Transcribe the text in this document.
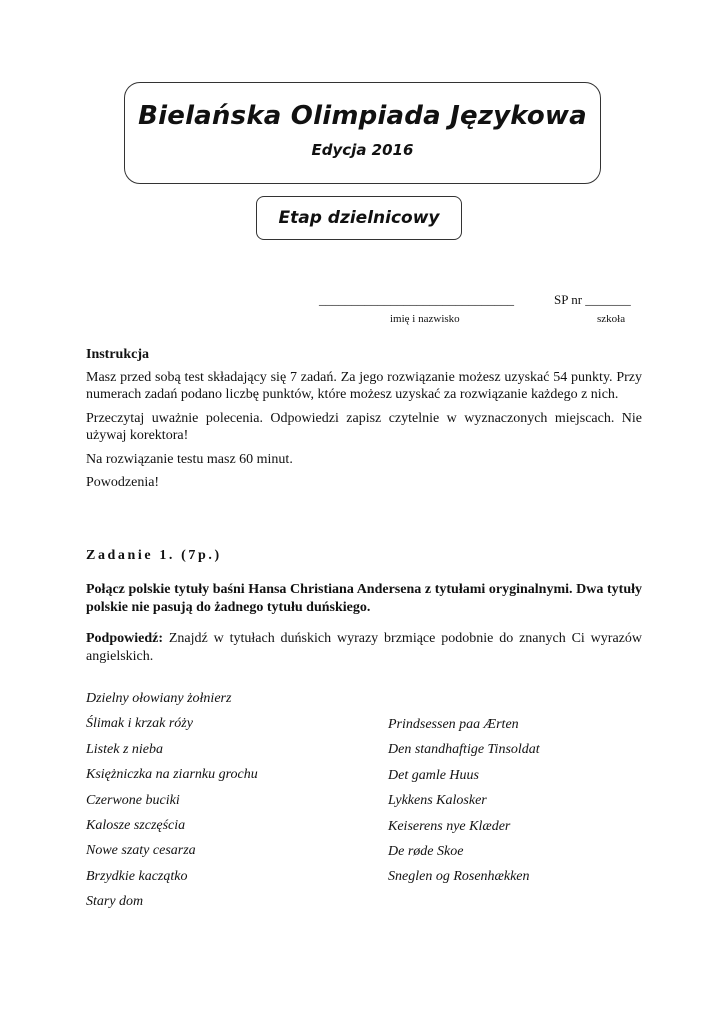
Bielańska Olimpiada Językowa
Edycja 2016
Etap dzielnicowy
______________________________	SP nr _______
imię i nazwisko	szkoła

Instrukcja

Masz przed sobą test składający się 7 zadań. Za jego rozwiązanie możesz uzyskać 54 punkty. Przy numerach zadań podano liczbę punktów, które możesz uzyskać za rozwiązanie każdego z nich.

Przeczytaj uważnie polecenia. Odpowiedzi zapisz czytelnie w wyznaczonych miejscach. Nie używaj korektora!

Na rozwiązanie testu masz 60 minut.

Powodzenia!

Zadanie 1. (7p.)
Połącz polskie tytuły baśni Hansa Christiana Andersena z tytułami oryginalnymi. Dwa tytuły polskie nie pasują do żadnego tytułu duńskiego.
Podpowiedź: Znajdź w tytułach duńskich wyrazy brzmiące podobnie do znanych Ci wyrazów angielskich.
Dzielny ołowiany żołnierz
Ślimak i krzak róży
Listek z nieba
Księżniczka na ziarnku grochu
Czerwone buciki
Kalosze szczęścia
Nowe szaty cesarza
Brzydkie kaczątko
Stary dom
Prindsessen paa Ærten
Den standhaftige Tinsoldat
Det gamle Huus
Lykkens Kalosker
Keiserens nye Klæder
De røde Skoe
Sneglen og Rosenhækken
